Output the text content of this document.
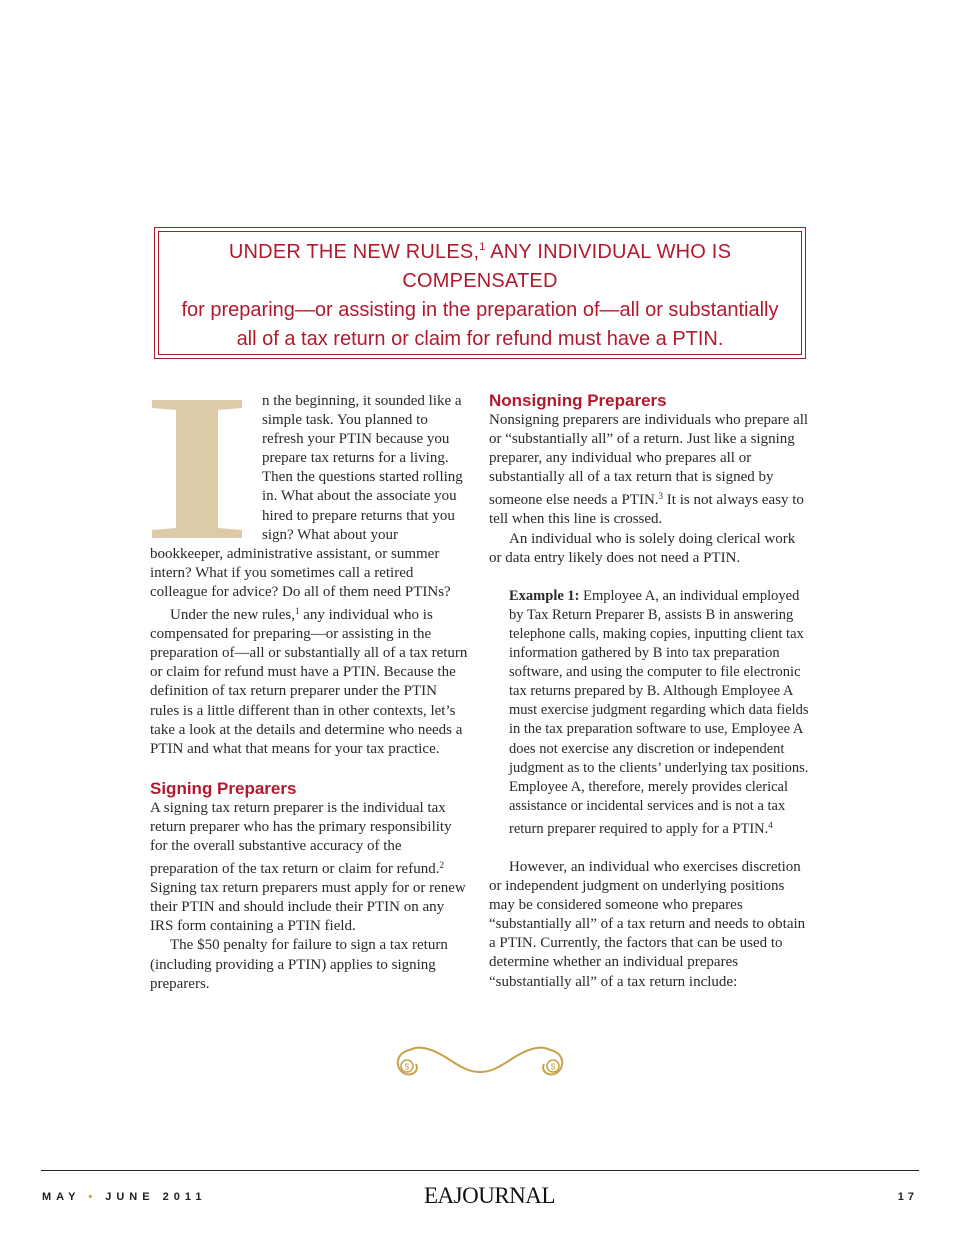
UNDER THE NEW RULES,$^1$ ANY INDIVIDUAL WHO IS COMPENSATED
for preparing—or assisting in the preparation of—all or substantially
all of a tax return or claim for refund must have a PTIN.

n the beginning, it sounded like a simple task. You planned to refresh your PTIN because you prepare tax returns for a living. Then the questions started rolling in. What about the associate you hired to prepare returns that you sign? What about your bookkeeper, administrative assistant, or summer intern? What if you sometimes call a retired colleague for advice? Do all of them need PTINs?

Under the new rules,$^1$ any individual who is compensated for preparing—or assisting in the preparation of—all or substantially all of a tax return or claim for refund must have a PTIN. Because the definition of tax return preparer under the PTIN rules is a little different than in other contexts, let’s take a look at the details and determine who needs a PTIN and what that means for your tax practice.

Signing Preparers

A signing tax return preparer is the individual tax return preparer who has the primary responsibility for the overall substantive accuracy of the preparation of the tax return or claim for refund.$^2$ Signing tax return preparers must apply for or renew their PTIN and should include their PTIN on any IRS form containing a PTIN field.

The $50 penalty for failure to sign a tax return (including providing a PTIN) applies to signing preparers.

Nonsigning Preparers

Nonsigning preparers are individuals who prepare all or “substantially all” of a return. Just like a signing preparer, any individual who prepares all or substantially all of a tax return that is signed by someone else needs a PTIN.$^3$ It is not always easy to tell when this line is crossed.

An individual who is solely doing clerical work or data entry likely does not need a PTIN.

Example 1: Employee A, an individual employed by Tax Return Preparer B, assists B in answering telephone calls, making copies, inputting client tax information gathered by B into tax preparation software, and using the computer to file electronic tax returns prepared by B. Although Employee A must exercise judgment regarding which data fields in the tax preparation software to use, Employee A does not exercise any discretion or independent judgment as to the clients’ underlying tax positions. Employee A, therefore, merely provides clerical assistance or incidental services and is not a tax return preparer required to apply for a PTIN.$^4$

However, an individual who exercises discretion or independent judgment on underlying positions may be considered someone who prepares “substantially all” of a tax return and needs to obtain a PTIN. Currently, the factors that can be used to determine whether an individual prepares “substantially all” of a tax return include:

$	$
MAY • JUNE 2011	EAJOURNAL	17
